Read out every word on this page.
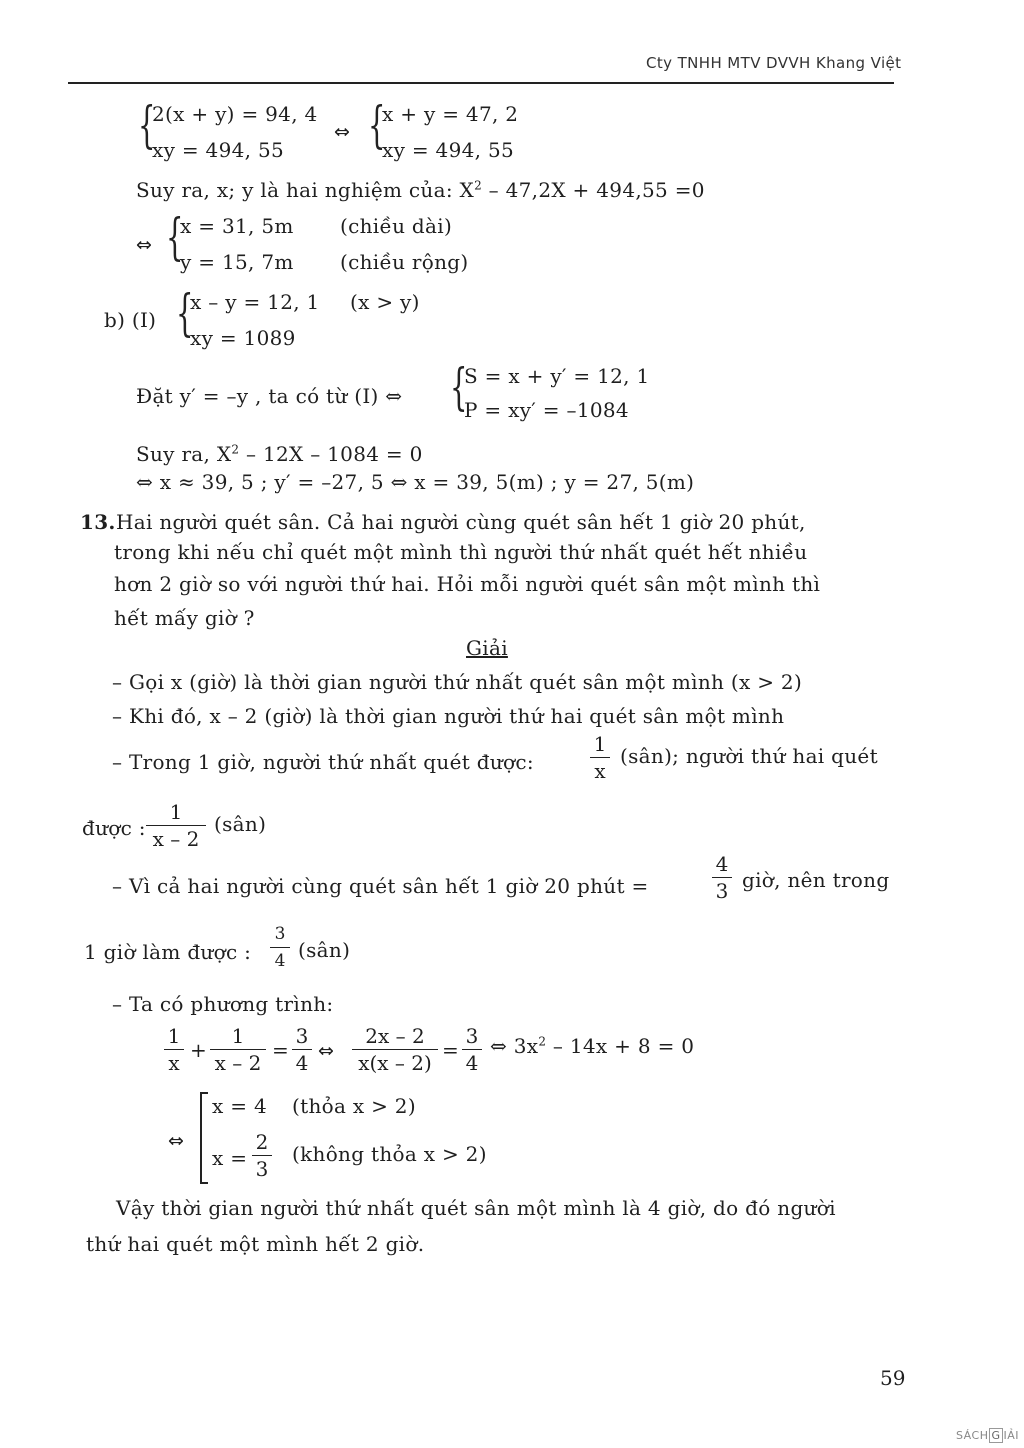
Cty TNHH MTV DVVH Khang Việt
{
2(x + y) = 94, 4
xy = 494, 55
⇔ {
x + y = 47, 2
xy = 494, 55
Suy ra, x; y là hai nghiệm của: $X^2 - 47,2X + 494,55 =0$
⇔ {
x = 31, 5m (chiều dài)
y = 15, 7m (chiều rộng)
b) (I) {
x – y = 12, 1 (x > y)
xy = 1089
Đặt y′ = –y , ta có từ (I) ⇔ {
S = x + y′ = 12, 1
P = xy′ = –1084
Suy ra, $X^2 - 12X - 1084 = 0$
⇔ x ≈ 39, 5 ; y′ = –27, 5 ⇔ x = 39, 5(m) ; y = 27, 5(m)
13. Hai người quét sân. Cả hai người cùng quét sân hết 1 giờ 20 phút,
trong khi nếu chỉ quét một mình thì người thứ nhất quét hết nhiều
hơn 2 giờ so với người thứ hai. Hỏi mỗi người quét sân một mình thì
hết mấy giờ ?
Giải
– Gọi x (giờ) là thời gian người thứ nhất quét sân một mình (x > 2)
– Khi đó, x – 2 (giờ) là thời gian người thứ hai quét sân một mình
– Trong 1 giờ, người thứ nhất quét được:
1
x
(sân); người thứ hai quét
được :
1
x – 2
(sân)
– Vì cả hai người cùng quét sân hết 1 giờ 20 phút =
4
3 giờ, nên trong
1 giờ làm được :
3
4 (sân)
– Ta có phương trình:
1
x
+
1
x – 2
=
3
4 ⇔
2x – 2
x(x – 2)
=
3
4
⇔ $3x^2 - 14x + 8 = 0$
⇔
x = 4 (thỏa x > 2)
x =
2
3
(không thỏa x > 2)
Vậy thời gian người thứ nhất quét sân một mình là 4 giờ, do đó người
thứ hai quét một mình hết 2 giờ.
59
SÁCH G IẢI
